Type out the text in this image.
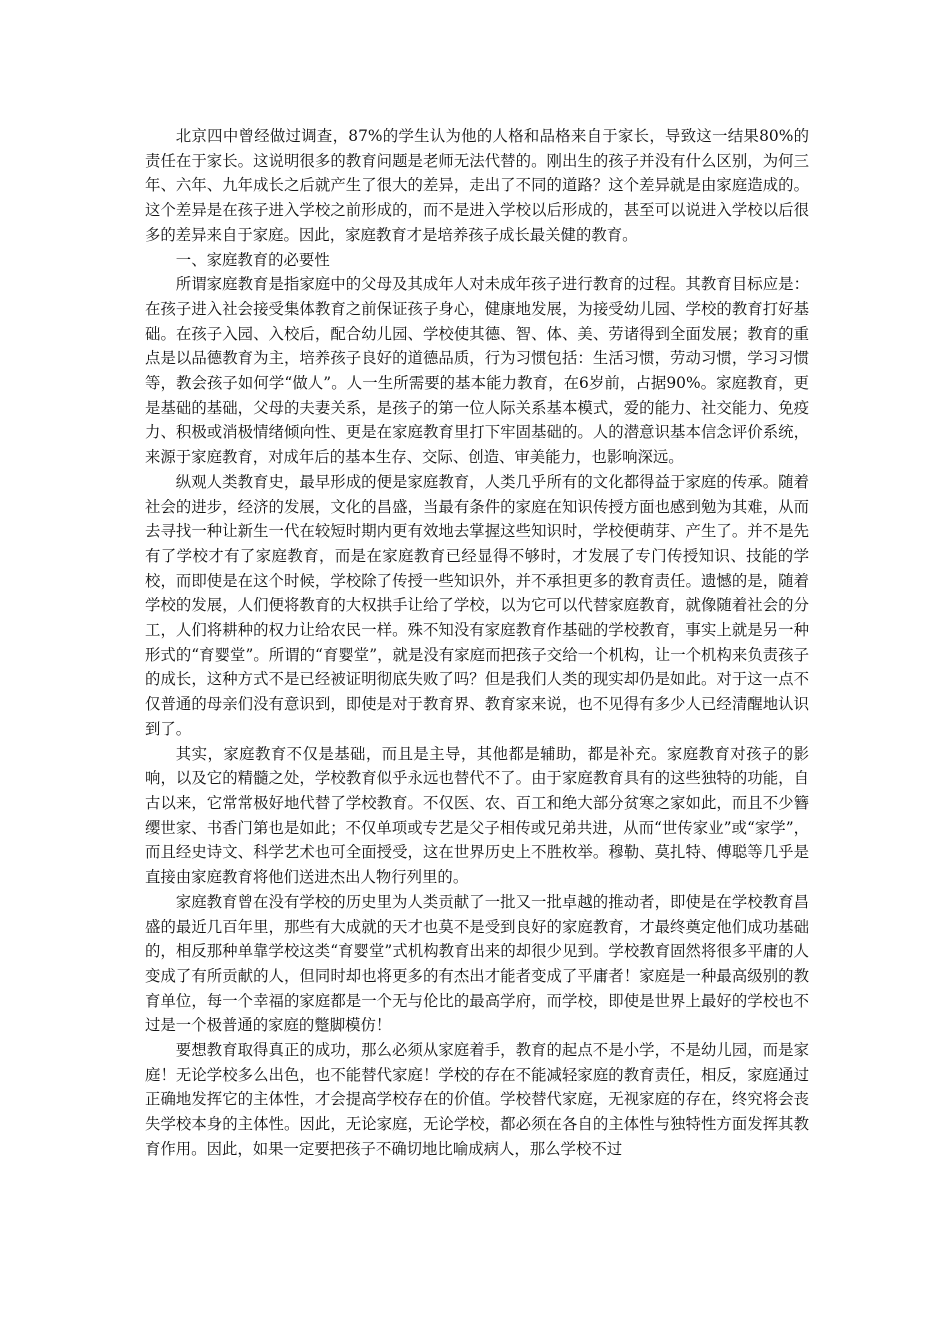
北京四中曾经做过调查，87%的学生认为他的人格和品格来自于家长，导致这一结果80%的责任在于家长。这说明很多的教育问题是老师无法代替的。刚出生的孩子并没有什么区别，为何三年、六年、九年成长之后就产生了很大的差异，走出了不同的道路？这个差异就是由家庭造成的。这个差异是在孩子进入学校之前形成的，而不是进入学校以后形成的，甚至可以说进入学校以后很多的差异来自于家庭。因此，家庭教育才是培养孩子成长最关健的教育。

一、家庭教育的必要性

所谓家庭教育是指家庭中的父母及其成年人对未成年孩子进行教育的过程。其教育目标应是：在孩子进入社会接受集体教育之前保证孩子身心，健康地发展，为接受幼儿园、学校的教育打好基础。在孩子入园、入校后，配合幼儿园、学校使其德、智、体、美、劳诸得到全面发展；教育的重点是以品德教育为主，培养孩子良好的道德品质，行为习惯包括：生活习惯，劳动习惯，学习习惯等，教会孩子如何学“做人”。人一生所需要的基本能力教育，在6岁前，占据90%。家庭教育，更是基础的基础，父母的夫妻关系，是孩子的第一位人际关系基本模式，爱的能力、社交能力、免疫力、积极或消极情绪倾向性、更是在家庭教育里打下牢固基础的。人的潜意识基本信念评价系统，来源于家庭教育，对成年后的基本生存、交际、创造、审美能力，也影响深远。

纵观人类教育史，最早形成的便是家庭教育，人类几乎所有的文化都得益于家庭的传承。随着社会的进步，经济的发展，文化的昌盛，当最有条件的家庭在知识传授方面也感到勉为其难，从而去寻找一种让新生一代在较短时期内更有效地去掌握这些知识时，学校便萌芽、产生了。并不是先有了学校才有了家庭教育，而是在家庭教育已经显得不够时，才发展了专门传授知识、技能的学校，而即使是在这个时候，学校除了传授一些知识外，并不承担更多的教育责任。遗憾的是，随着学校的发展，人们便将教育的大权拱手让给了学校，以为它可以代替家庭教育，就像随着社会的分工，人们将耕种的权力让给农民一样。殊不知没有家庭教育作基础的学校教育，事实上就是另一种形式的“育婴堂”。所谓的“育婴堂”，就是没有家庭而把孩子交给一个机构，让一个机构来负责孩子的成长，这种方式不是已经被证明彻底失败了吗？但是我们人类的现实却仍是如此。对于这一点不仅普通的母亲们没有意识到，即使是对于教育界、教育家来说，也不见得有多少人已经清醒地认识到了。

其实，家庭教育不仅是基础，而且是主导，其他都是辅助，都是补充。家庭教育对孩子的影响，以及它的精髓之处，学校教育似乎永远也替代不了。由于家庭教育具有的这些独特的功能，自古以来，它常常极好地代替了学校教育。不仅医、农、百工和绝大部分贫寒之家如此，而且不少簪缨世家、书香门第也是如此；不仅单项或专艺是父子相传或兄弟共进，从而“世传家业”或“家学”，而且经史诗文、科学艺术也可全面授受，这在世界历史上不胜枚举。穆勒、莫扎特、傅聪等几乎是直接由家庭教育将他们送进杰出人物行列里的。

家庭教育曾在没有学校的历史里为人类贡献了一批又一批卓越的推动者，即使是在学校教育昌盛的最近几百年里，那些有大成就的天才也莫不是受到良好的家庭教育，才最终奠定他们成功基础的，相反那种单靠学校这类“育婴堂”式机构教育出来的却很少见到。学校教育固然将很多平庸的人变成了有所贡献的人，但同时却也将更多的有杰出才能者变成了平庸者！家庭是一种最高级别的教育单位，每一个幸福的家庭都是一个无与伦比的最高学府，而学校，即使是世界上最好的学校也不过是一个极普通的家庭的蹩脚模仿！

要想教育取得真正的成功，那么必须从家庭着手，教育的起点不是小学，不是幼儿园，而是家庭！无论学校多么出色，也不能替代家庭！学校的存在不能减轻家庭的教育责任，相反，家庭通过正确地发挥它的主体性，才会提高学校存在的价值。学校替代家庭，无视家庭的存在，终究将会丧失学校本身的主体性。因此，无论家庭，无论学校，都必须在各自的主体性与独特性方面发挥其教育作用。因此，如果一定要把孩子不确切地比喻成病人，那么学校不过
